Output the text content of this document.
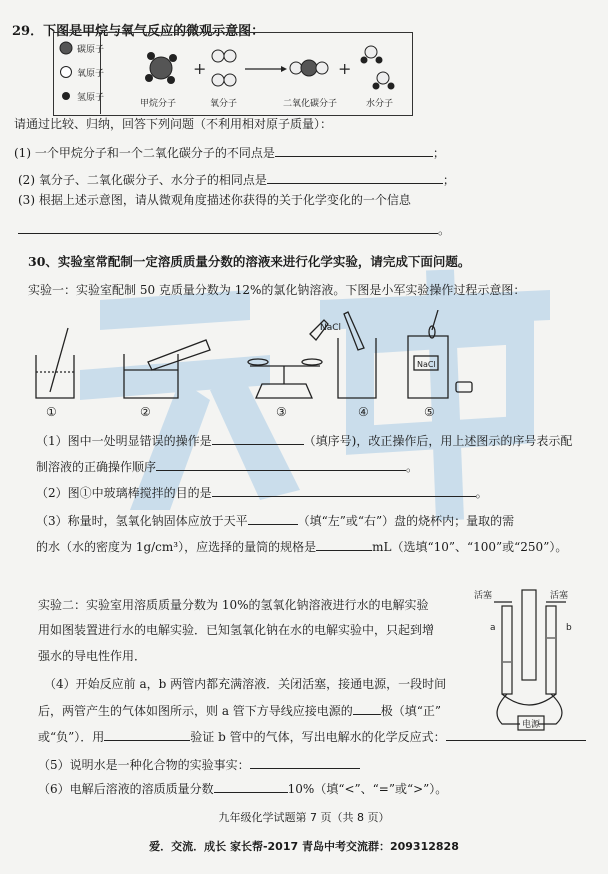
29．下图是甲烷与氧气反应的微观示意图：
+	+
碳原子
氧原子
氢原子
甲烷分子	氧分子	二氧化碳分子	水分子
请通过比较、归纳，回答下列问题（不利用相对原子质量）：
(1) 一个甲烷分子和一个二氧化碳分子的不同点是	；
(2) 氧分子、二氧化碳分子、水分子的相同点是	；
(3) 根据上述示意图，请从微观角度描述你获得的关于化学变化的一个信息
。
30、实验室常配制一定溶质质量分数的溶液来进行化学实验，请完成下面问题。
实验一：实验室配制 50 克质量分数为 12%的氯化钠溶液。下图是小军实验操作过程示意图：
①	②	③	④	⑤
NaCl
NaCl
（1）图中一处明显错误的操作是	（填序号)，改正操作后，用上述图示的序号表示配
制溶液的正确操作顺序	。
（2）图①中玻璃棒搅拌的目的是	。
（3）称量时，氢氧化钠固体应放于天平	（填“左”或“右”）盘的烧杯内；量取的需
的水（水的密度为 1g/cm³），应选择的量筒的规格是	mL（选填“10”、“100”或“250”）。
实验二：实验室用溶质质量分数为 10%的氢氧化钠溶液进行水的电解实验
用如图装置进行水的电解实验．已知氢氧化钠在水的电解实验中，只起到增
强水的导电性作用．
活塞	活塞
a	b
电源
（4）开始反应前 a，b 两管内都充满溶液．关闭活塞，接通电源，一段时间
后，两管产生的气体如图所示，则 a 管下方导线应接电源的 极（填“正”
或“负”）．用	验证 b 管中的气体，写出电解水的化学反应式：
（5）说明水是一种化合物的实验事实：
（6）电解后溶液的溶质质量分数	10%（填“<”、“=”或“>”）。
九年级化学试题第 7 页（共 8 页）
爱．交流．成长 家长帮-2017 青岛中考交流群：209312828
